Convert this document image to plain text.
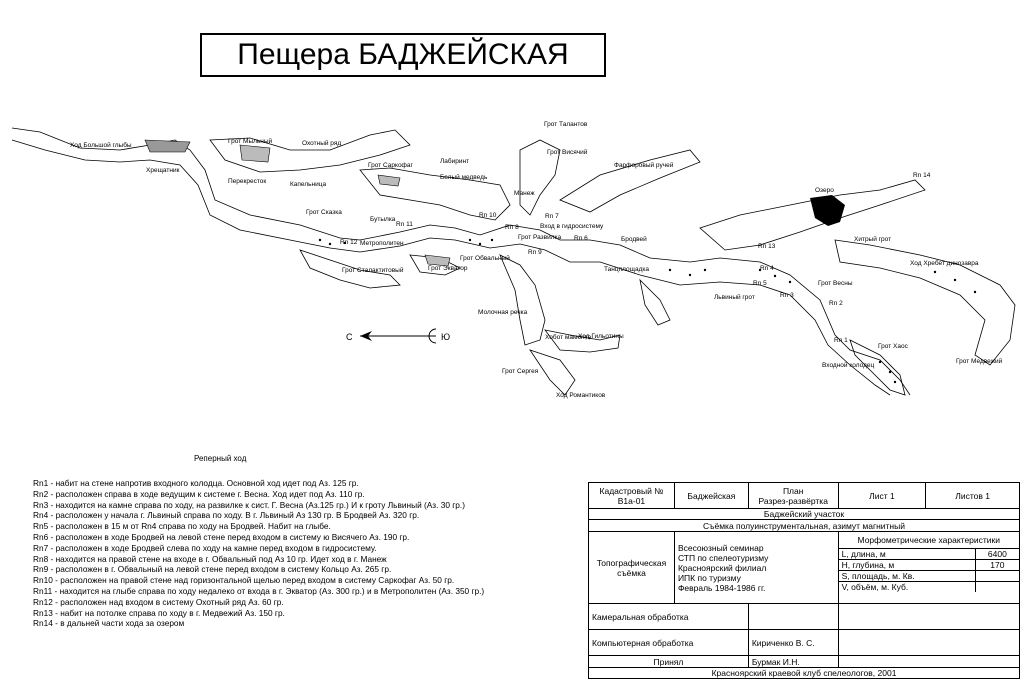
Пещера БАДЖЕЙСКАЯ
С	Ю
Ход Большой глыбы
Хрещатник
Грот Мыльный	Охотный ряд
Перекресток	Капельница
Грот Саркофаг
Лабиринт
Белый медведь
Грот Сказка
Бутылка
Rn 12
Rn 11
Метрополитен
Грот Сталактитовый	Грот Экватор
Грот Обвальный
Rn 10
Rn 8
Грот Развилка
Rn 9
Rn 7
Вход в гидросистему
Манеж
Грот Талантов
Грот Висячий
Фарфоровый ручей
Rn 6	Бродвей
Танцплощадка
Озеро
Rn 14
Rn 13
Хитрый грот
Ход Хребет динозавра
Rn 4
Rn 5
Rn 3
Грот Весны
Rn 2
Львиный грот
Молочная речка
Хобот мамонта
Ход Гильотины
Грот Сергея
Ход Романтиков
Rn 1
Грот Хаос
Входной колодец
Грот Медвежий
Реперный ход
Rn1 - набит на стене напротив входного колодца. Основной ход идет под Аз. 125 гр.
Rn2 - расположен справа в ходе ведущим к системе г. Весна. Ход идет под Аз. 110 гр.
Rn3 - находится на камне справа по ходу, на развилке к сист. Г. Весна (Аз.125 гр.) И к гроту Львиный (Аз. 30 гр.)
Rn4 - расположен у начала г. Львиный справа по ходу. В г. Львиный Аз 130 гр. В Бродвей Аз. 320 гр.
Rn5 - расположен в 15 м от Rn4 справа по ходу на Бродвей. Набит на глыбе.
Rn6 - расположен в ходе Бродвей на левой стене перед входом в систему ю Висячего Аз. 190 гр.
Rn7 - расположен в ходе Бродвей слева по ходу на камне перед входом в гидросистему.
Rn8 - находится на правой стене на входе в г. Обвальный под Аз 10 гр. Идет ход в г. Манеж
Rn9 - расположен в г. Обвальный на левой стене перед входом в систему Кольцо Аз. 265 гр.
Rn10 - расположен на правой стене над горизонтальной щелью перед входом в систему Саркофаг Аз. 50 гр.
Rn11 - находится на глыбе справа по ходу недалеко от входа в г. Экватор (Аз. 300 гр.) и в Метрополитен (Аз. 350 гр.)
Rn12 - расположен над входом в систему Охотный ряд Аз. 60 гр.
Rn13 - набит на потолке справа по ходу в г. Медвежий Аз. 150 гр.
Rn14 - в дальней части хода за озером
Кадастровый №
В1а-01	Баджейская	План
Разрез-развёртка	Лист 1	Листов 1
Баджейский участок
Съёмка полуинструментальная, азимут магнитный
Топографическая съёмка	
Всесоюзный семинар
СТП по спелеотуризму
Красноярский филиал
ИПК по туризму
Февраль 1984-1986 гг.

Морфометрические характеристики
L, длина, м	6400
H, глубина, м	170
S, площадь, м. Кв.	
V, объём, м. Куб.	

Камеральная обработка		
Компьютерная обработка	Кириченко В. С.	
Принял	Бурмак И.Н.	
Красноярский краевой клуб спелеологов, 2001
